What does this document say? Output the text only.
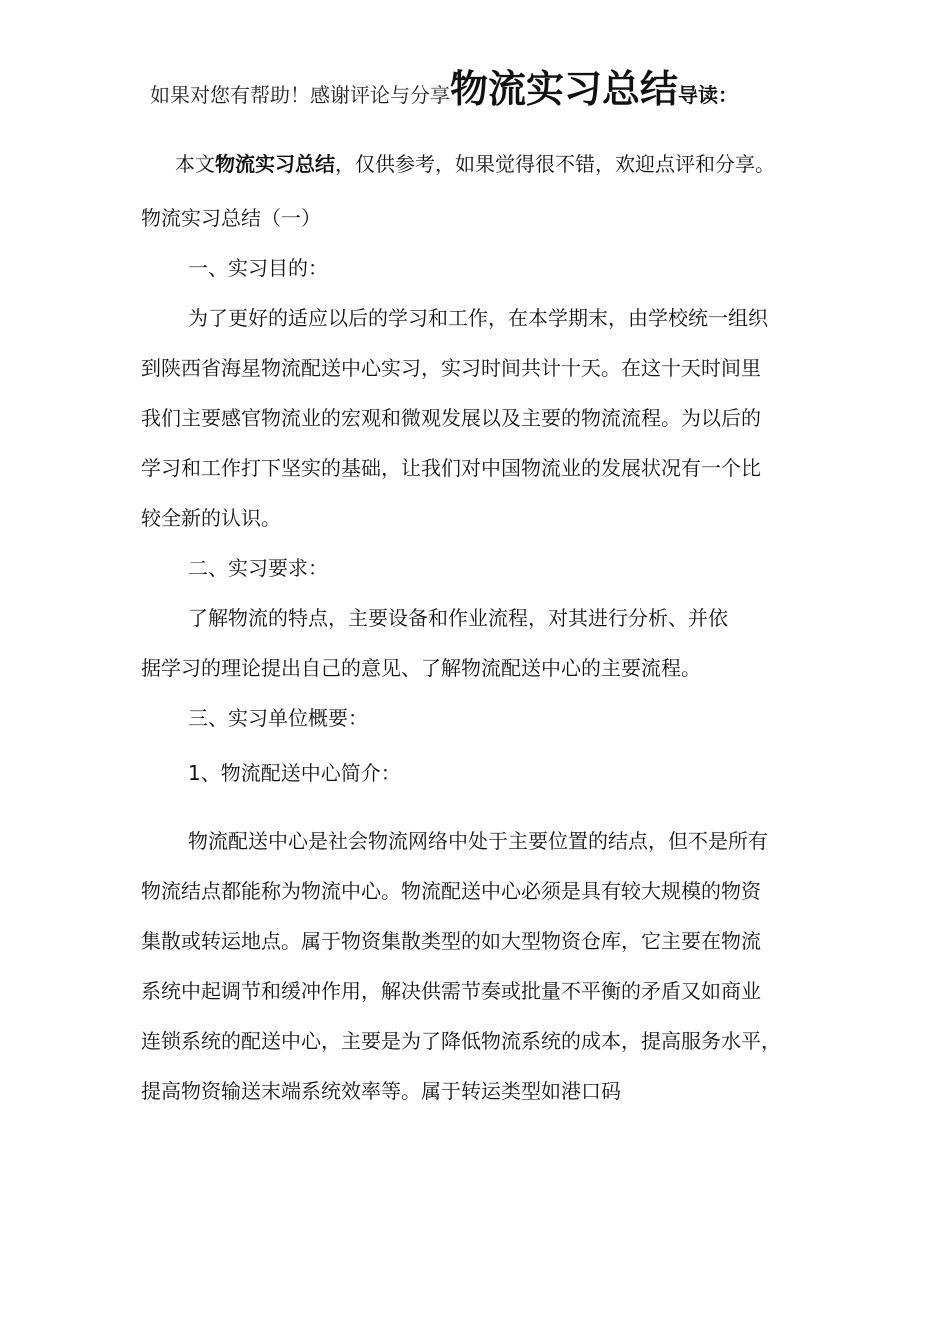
如果对您有帮助！感谢评论与分享物流实习总结导读：
本文物流实习总结，仅供参考，如果觉得很不错，欢迎点评和分享。
物流实习总结（一）
一、实习目的：
为了更好的适应以后的学习和工作，在本学期末，由学校统一组织
到陕西省海星物流配送中心实习，实习时间共计十天。在这十天时间里
我们主要感官物流业的宏观和微观发展以及主要的物流流程。为以后的
学习和工作打下坚实的基础，让我们对中国物流业的发展状况有一个比
较全新的认识。
二、实习要求：
了解物流的特点，主要设备和作业流程，对其进行分析、并依
据学习的理论提出自己的意见、了解物流配送中心的主要流程。
三、实习单位概要：
1、物流配送中心简介：
物流配送中心是社会物流网络中处于主要位置的结点，但不是所有
物流结点都能称为物流中心。物流配送中心必须是具有较大规模的物资
集散或转运地点。属于物资集散类型的如大型物资仓库，它主要在物流
系统中起调节和缓冲作用，解决供需节奏或批量不平衡的矛盾又如商业
连锁系统的配送中心，主要是为了降低物流系统的成本，提高服务水平，
提高物资输送末端系统效率等。属于转运类型如港口码
